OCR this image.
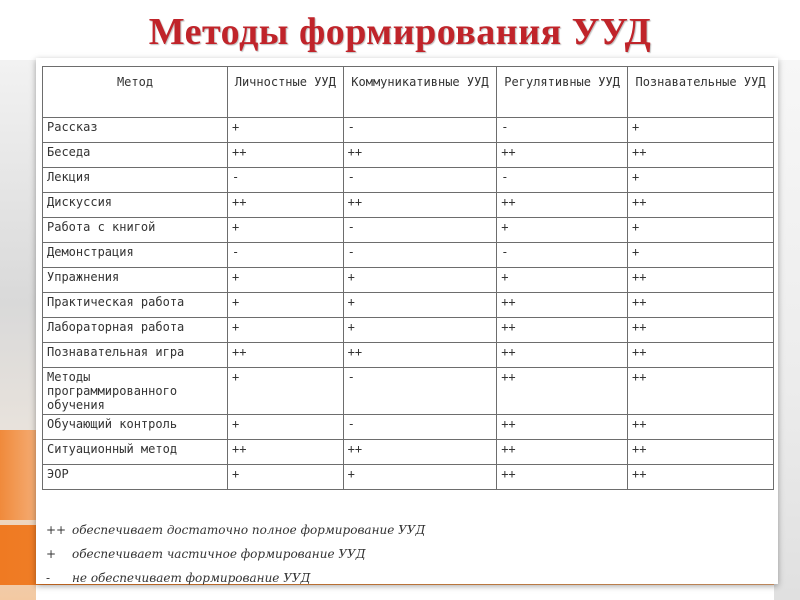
Методы формирования УУД
Метод	Личностные УУД	Коммуникативные УУД	Регулятивные УУД	Познавательные УУД
Рассказ	+	-	-	+
Беседа	++	++	++	++
Лекция	-	-	-	+
Дискуссия	++	++	++	++
Работа с книгой	+	-	+	+
Демонстрация	-	-	-	+
Упражнения	+	+	+	++
Практическая работа	+	+	++	++
Лабораторная работа	+	+	++	++
Познавательная игра	++	++	++	++
Методы программированного обучения	+	-	++	++
Обучающий контроль	+	-	++	++
Ситуационный метод	++	++	++	++
ЭОР	+	+	++	++
++ обеспечивает достаточно полное формирование УУД
+	обеспечивает частичное формирование УУД
-	не обеспечивает формирование УУД
